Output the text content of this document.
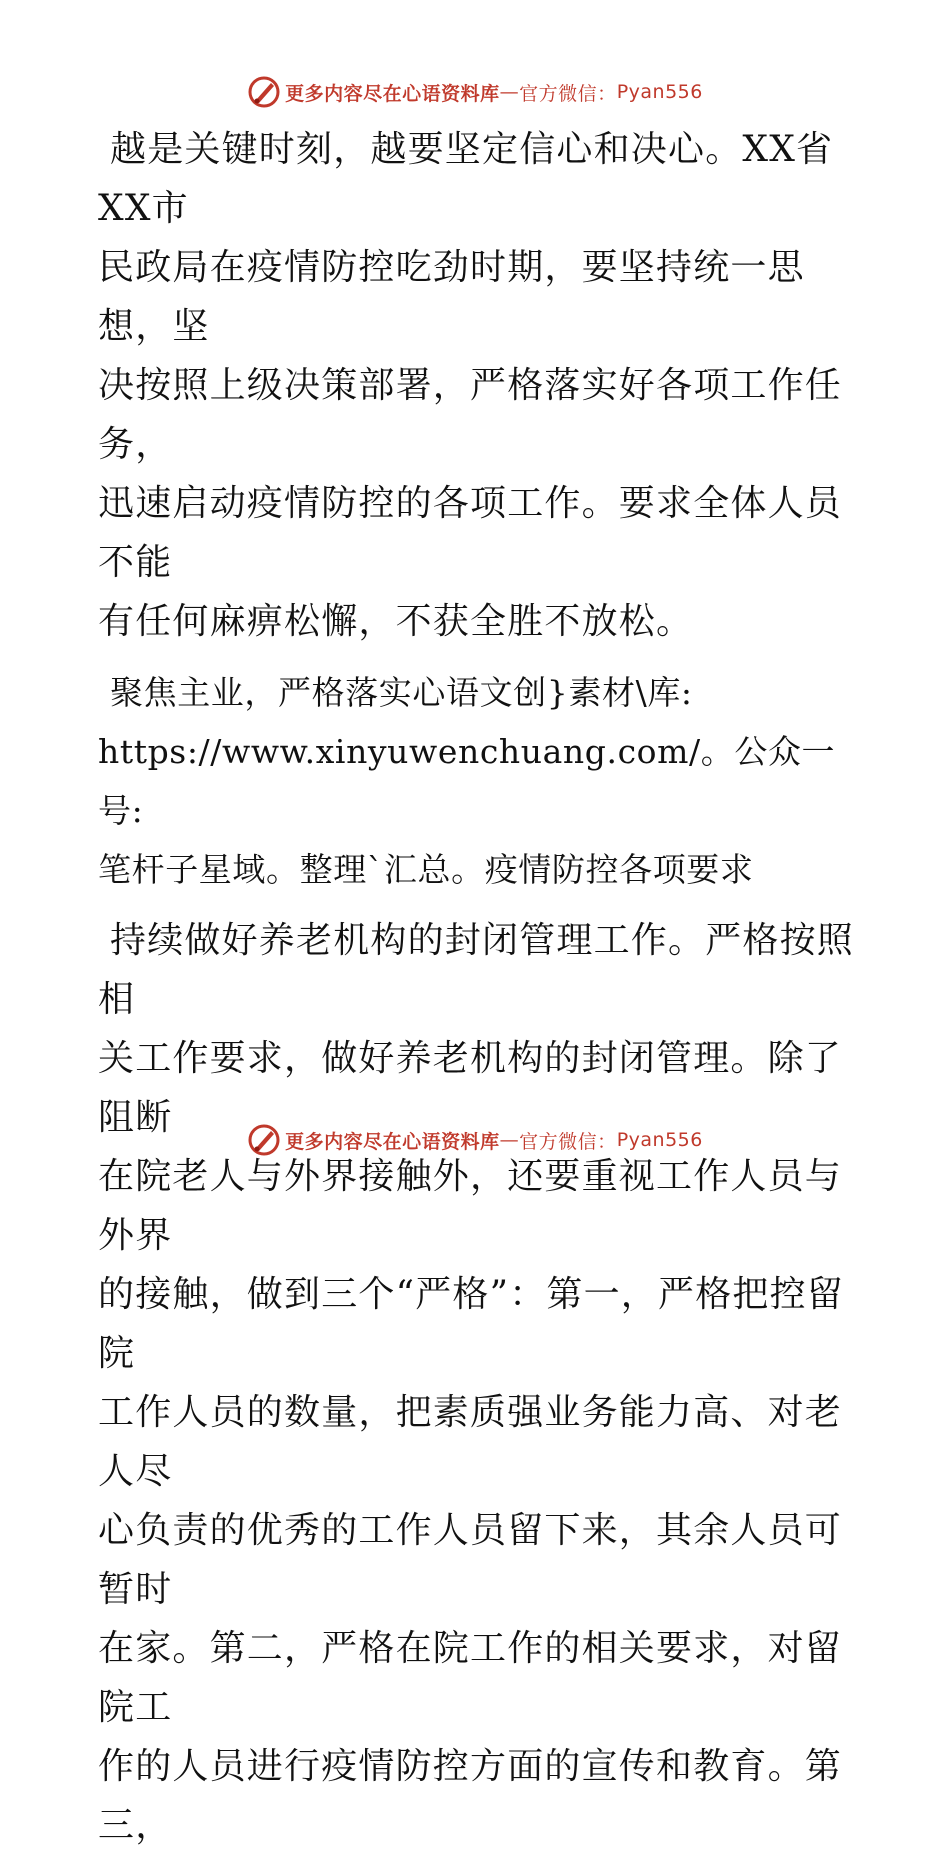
更多内容尽在心语资料库 — 官方微信： Pyan556

越是关键时刻，越要坚定信心和决心。XX省XX市
民政局在疫情防控吃劲时期，要坚持统一思想，坚
决按照上级决策部署，严格落实好各项工作任务，
迅速启动疫情防控的各项工作。要求全体人员不能
有任何麻痹松懈，不获全胜不放松。

聚焦主业，严格落实心语文创}素材\库:
https://www.xinyuwenchuang.com/。公众一号:
笔杆子星域。整理`汇总。疫情防控各项要求

持续做好养老机构的封闭管理工作。严格按照相
关工作要求，做好养老机构的封闭管理。除了阻断
在院老人与外界接触外，还要重视工作人员与外界
的接触，做到三个“严格”：第一，严格把控留院
工作人员的数量，把素质强业务能力高、对老人尽
心负责的优秀的工作人员留下来，其余人员可暂时
在家。第二，严格在院工作的相关要求，对留院工
作的人员进行疫情防控方面的宣传和教育。第三，

更多内容尽在心语资料库 — 官方微信： Pyan556
